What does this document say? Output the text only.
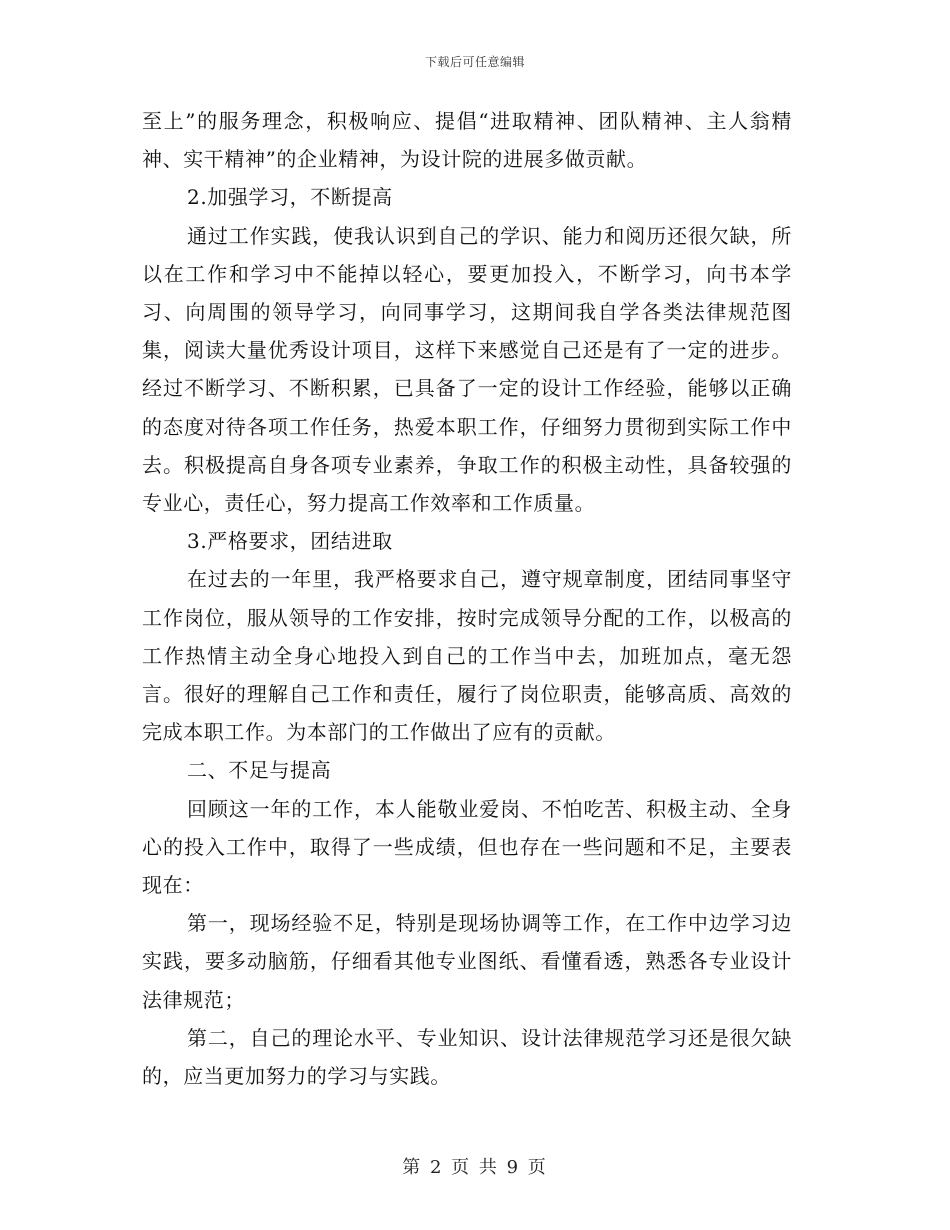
下载后可任意编辑

至上”的服务理念，积极响应、提倡“进取精神、团队精神、主人翁精神、实干精神”的企业精神，为设计院的进展多做贡献。

2.加强学习，不断提高

通过工作实践，使我认识到自己的学识、能力和阅历还很欠缺，所以在工作和学习中不能掉以轻心，要更加投入，不断学习，向书本学习、向周围的领导学习，向同事学习，这期间我自学各类法律规范图集，阅读大量优秀设计项目，这样下来感觉自己还是有了一定的进步。经过不断学习、不断积累，已具备了一定的设计工作经验，能够以正确的态度对待各项工作任务，热爱本职工作，仔细努力贯彻到实际工作中去。积极提高自身各项专业素养，争取工作的积极主动性，具备较强的专业心，责任心，努力提高工作效率和工作质量。

3.严格要求，团结进取

在过去的一年里，我严格要求自己，遵守规章制度，团结同事坚守工作岗位，服从领导的工作安排，按时完成领导分配的工作，以极高的工作热情主动全身心地投入到自己的工作当中去，加班加点，毫无怨言。很好的理解自己工作和责任，履行了岗位职责，能够高质、高效的完成本职工作。为本部门的工作做出了应有的贡献。

二、不足与提高

回顾这一年的工作，本人能敬业爱岗、不怕吃苦、积极主动、全身心的投入工作中，取得了一些成绩，但也存在一些问题和不足，主要表现在：

第一，现场经验不足，特别是现场协调等工作，在工作中边学习边实践，要多动脑筋，仔细看其他专业图纸、看懂看透，熟悉各专业设计法律规范；

第二，自己的理论水平、专业知识、设计法律规范学习还是很欠缺的，应当更加努力的学习与实践。

第 2 页 共 9 页
